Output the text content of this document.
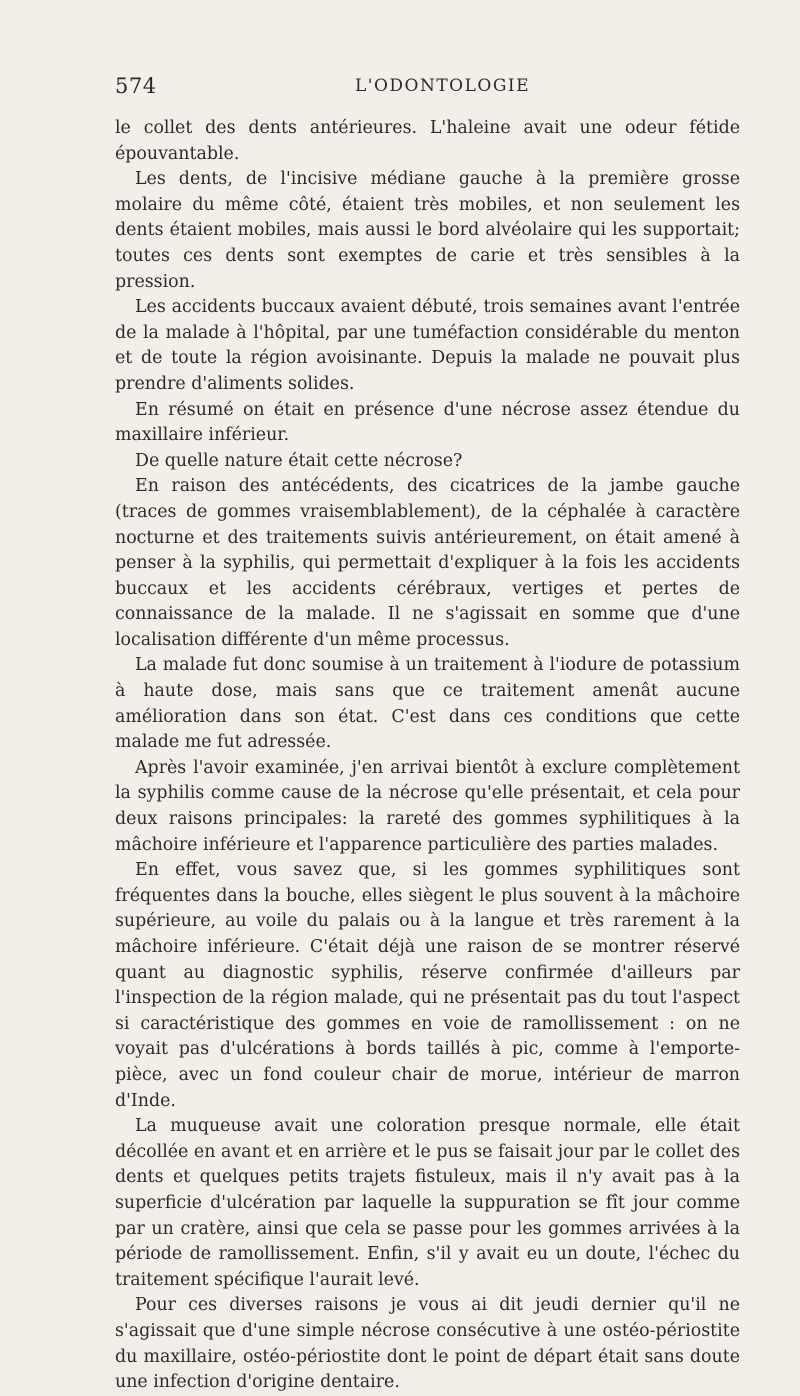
574	L'ODONTOLOGIE

le collet des dents antérieures. L'haleine avait une odeur fétide épouvantable.

Les dents, de l'incisive médiane gauche à la première grosse molaire du même côté, étaient très mobiles, et non seulement les dents étaient mobiles, mais aussi le bord alvéolaire qui les supportait; toutes ces dents sont exemptes de carie et très sensibles à la pression.

Les accidents buccaux avaient débuté, trois semaines avant l'entrée de la malade à l'hôpital, par une tuméfaction considérable du menton et de toute la région avoisinante. Depuis la malade ne pouvait plus prendre d'aliments solides.

En résumé on était en présence d'une nécrose assez étendue du maxillaire inférieur.

De quelle nature était cette nécrose?

En raison des antécédents, des cicatrices de la jambe gauche (traces de gommes vraisemblablement), de la céphalée à caractère nocturne et des traitements suivis antérieurement, on était amené à penser à la syphilis, qui permettait d'expliquer à la fois les accidents buccaux et les accidents cérébraux, vertiges et pertes de connaissance de la malade. Il ne s'agissait en somme que d'une localisation différente d'un même processus.

La malade fut donc soumise à un traitement à l'iodure de potassium à haute dose, mais sans que ce traitement amenât aucune amélioration dans son état. C'est dans ces conditions que cette malade me fut adressée.

Après l'avoir examinée, j'en arrivai bientôt à exclure complètement la syphilis comme cause de la nécrose qu'elle présentait, et cela pour deux raisons principales: la rareté des gommes syphilitiques à la mâchoire inférieure et l'apparence particulière des parties malades.

En effet, vous savez que, si les gommes syphilitiques sont fréquentes dans la bouche, elles siègent le plus souvent à la mâchoire supérieure, au voile du palais ou à la langue et très rarement à la mâchoire inférieure. C'était déjà une raison de se montrer réservé quant au diagnostic syphilis, réserve confirmée d'ailleurs par l'inspection de la région malade, qui ne présentait pas du tout l'aspect si caractéristique des gommes en voie de ramollissement : on ne voyait pas d'ulcérations à bords taillés à pic, comme à l'emporte-pièce, avec un fond couleur chair de morue, intérieur de marron d'Inde.

La muqueuse avait une coloration presque normale, elle était décollée en avant et en arrière et le pus se faisait jour par le collet des dents et quelques petits trajets fistuleux, mais il n'y avait pas à la superficie d'ulcération par laquelle la suppuration se fît jour comme par un cratère, ainsi que cela se passe pour les gommes arrivées à la période de ramollissement. Enfin, s'il y avait eu un doute, l'échec du traitement spécifique l'aurait levé.

Pour ces diverses raisons je vous ai dit jeudi dernier qu'il ne s'agissait que d'une simple nécrose consécutive à une ostéo-périostite du maxillaire, ostéo-périostite dont le point de départ était sans doute une infection d'origine dentaire.
